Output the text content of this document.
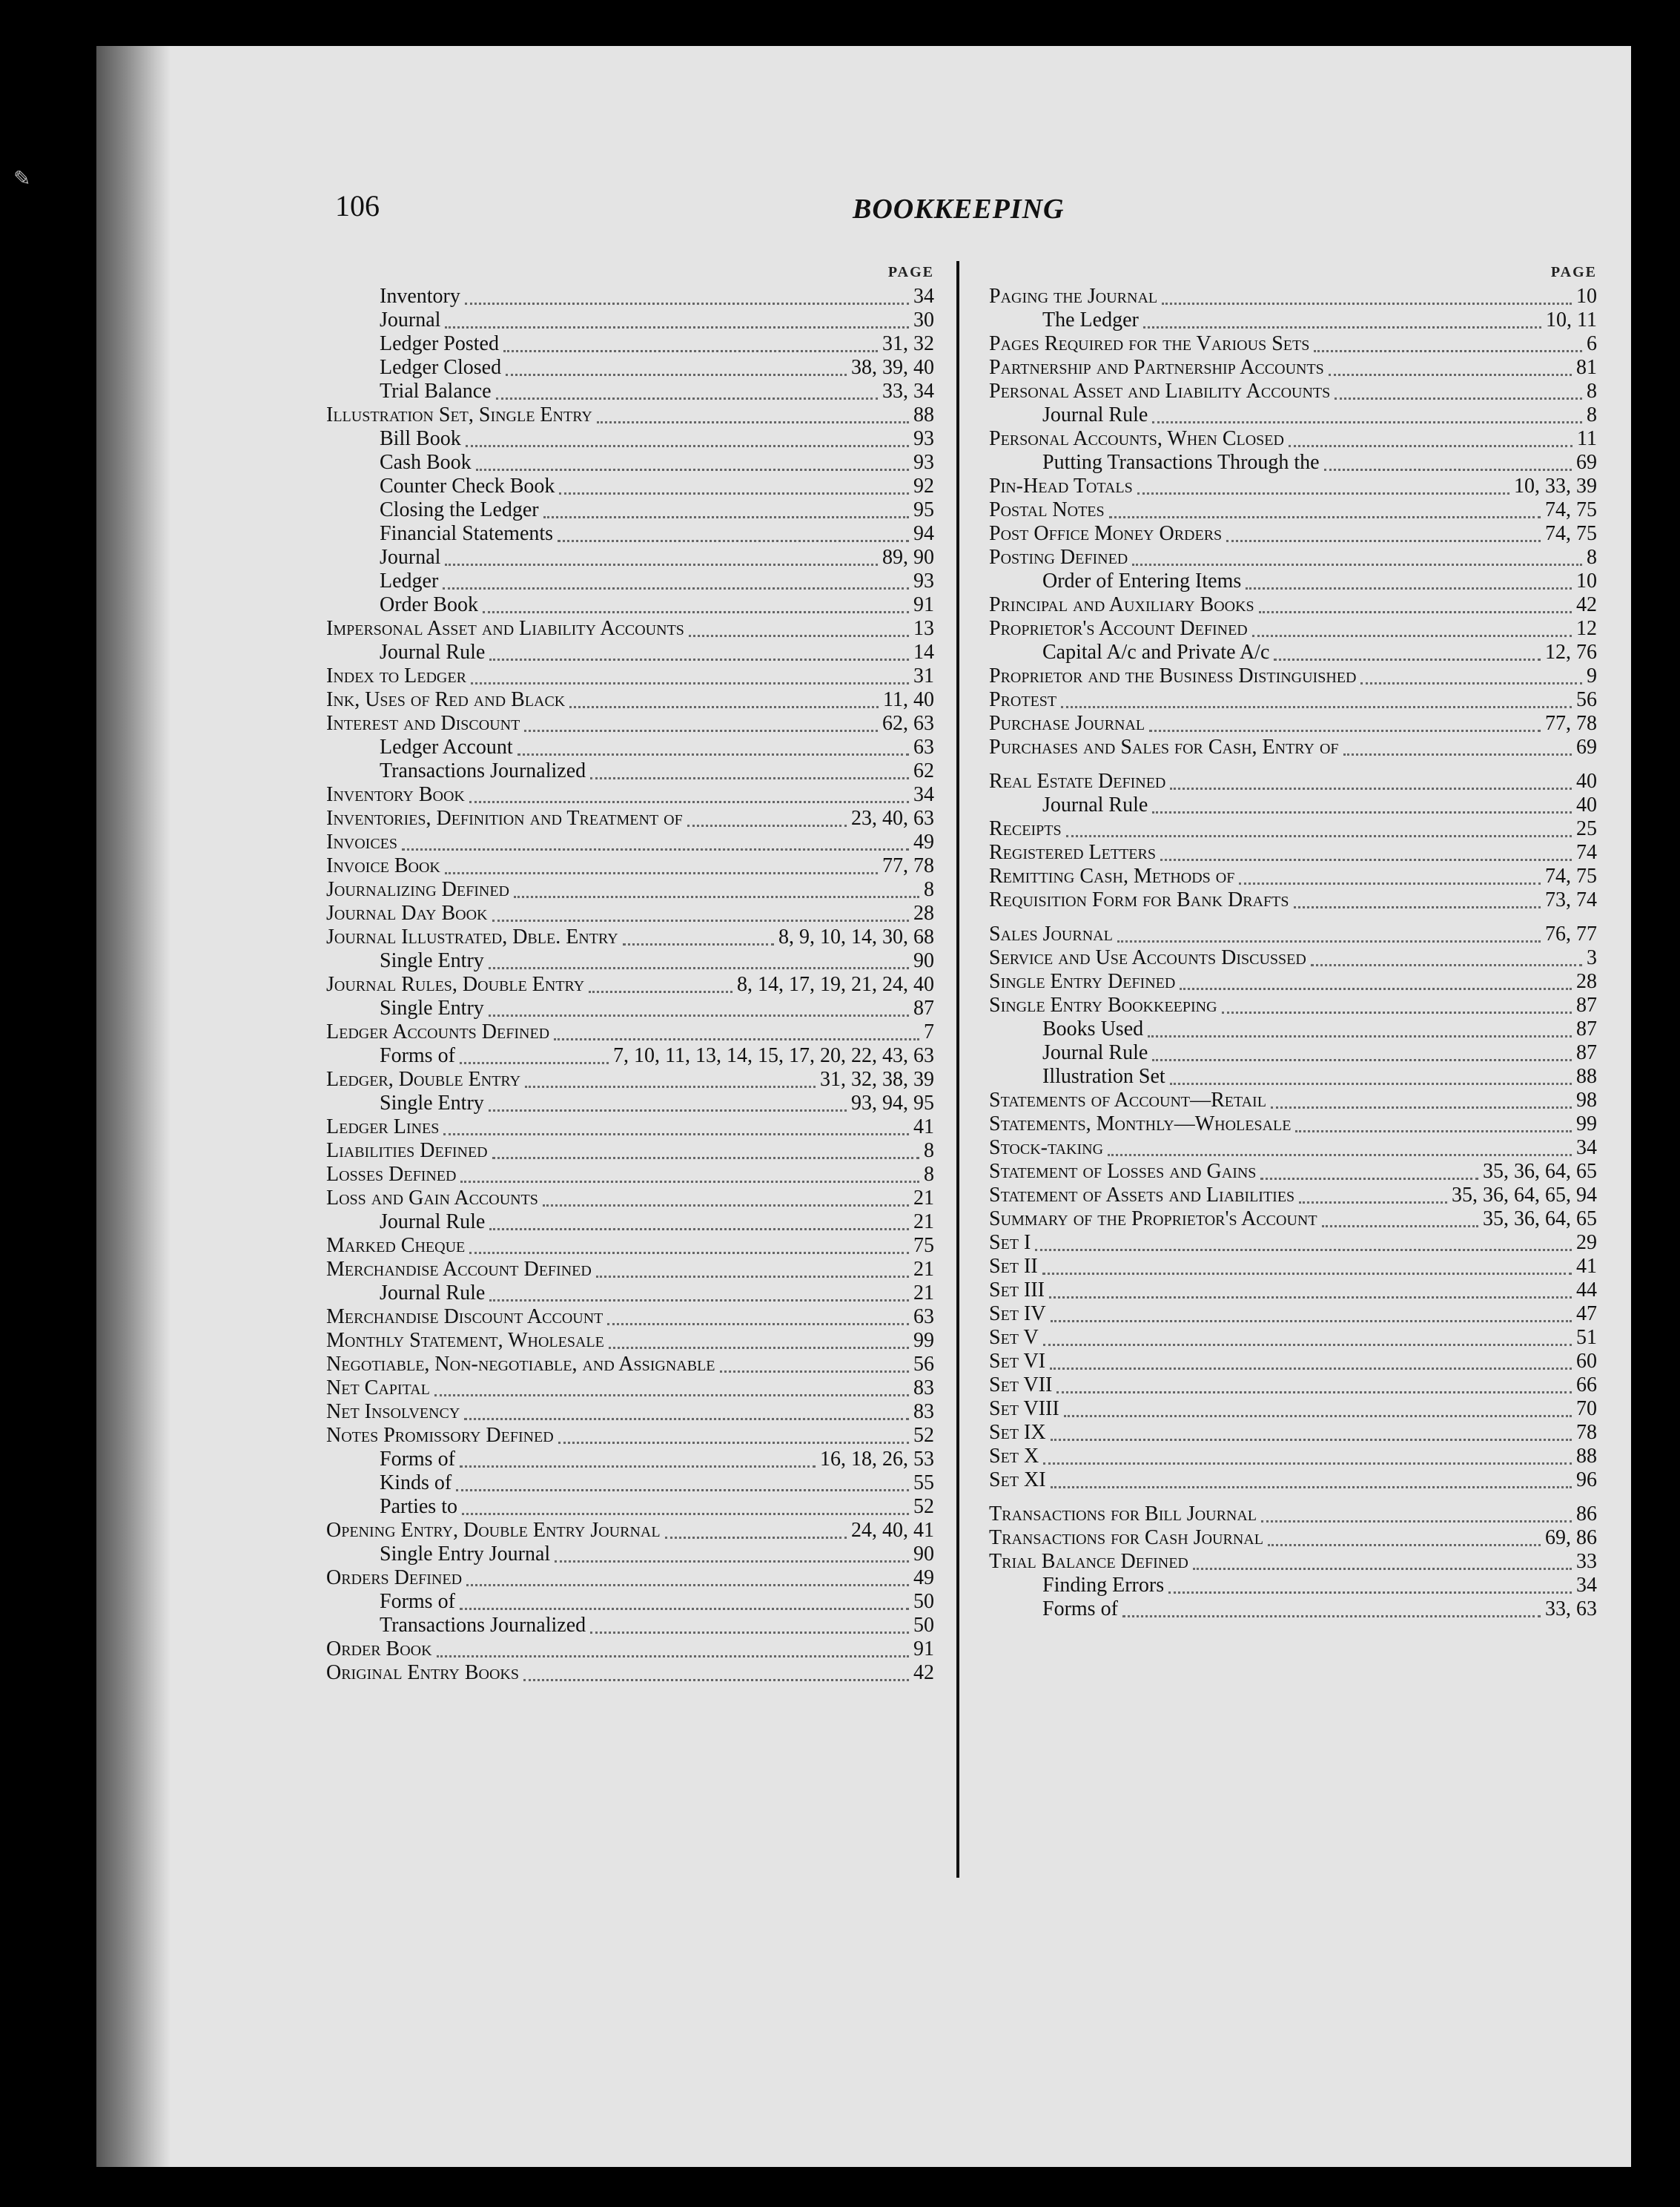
✎
106	BOOKKEEPING
PAGE
Inventory	34
Journal	30
Ledger Posted	31, 32
Ledger Closed	38, 39, 40
Trial Balance	33, 34
Illustration Set, Single Entry	88
Bill Book	93
Cash Book	93
Counter Check Book	92
Closing the Ledger	95
Financial Statements	94
Journal	89, 90
Ledger	93
Order Book	91
Impersonal Asset and Liability Accounts	13
Journal Rule	14
Index to Ledger	31
Ink, Uses of Red and Black	11, 40
Interest and Discount	62, 63
Ledger Account	63
Transactions Journalized	62
Inventory Book	34
Inventories, Definition and Treatment of	23, 40, 63
Invoices	49
Invoice Book	77, 78
Journalizing Defined	8
Journal Day Book	28
Journal Illustrated, Dble. Entry	8, 9, 10, 14, 30, 68
Single Entry	90
Journal Rules, Double Entry	8, 14, 17, 19, 21, 24, 40
Single Entry	87
Ledger Accounts Defined	7
Forms of	7, 10, 11, 13, 14, 15, 17, 20, 22, 43, 63
Ledger, Double Entry	31, 32, 38, 39
Single Entry	93, 94, 95
Ledger Lines	41
Liabilities Defined	8
Losses Defined	8
Loss and Gain Accounts	21
Journal Rule	21
Marked Cheque	75
Merchandise Account Defined	21
Journal Rule	21
Merchandise Discount Account	63
Monthly Statement, Wholesale	99
Negotiable, Non-negotiable, and Assignable	56
Net Capital	83
Net Insolvency	83
Notes Promissory Defined	52
Forms of	16, 18, 26, 53
Kinds of	55
Parties to	52
Opening Entry, Double Entry Journal	24, 40, 41
Single Entry Journal	90
Orders Defined	49
Forms of	50
Transactions Journalized	50
Order Book	91
Original Entry Books	42
PAGE
Paging the Journal	10
The Ledger	10, 11
Pages Required for the Various Sets	6
Partnership and Partnership Accounts	81
Personal Asset and Liability Accounts	8
Journal Rule	8
Personal Accounts, When Closed	11
Putting Transactions Through the	69
Pin-Head Totals	10, 33, 39
Postal Notes	74, 75
Post Office Money Orders	74, 75
Posting Defined	8
Order of Entering Items	10
Principal and Auxiliary Books	42
Proprietor's Account Defined	12
Capital A/c and Private A/c	12, 76
Proprietor and the Business Distinguished	9
Protest	56
Purchase Journal	77, 78
Purchases and Sales for Cash, Entry of	69
Real Estate Defined	40
Journal Rule	40
Receipts	25
Registered Letters	74
Remitting Cash, Methods of	74, 75
Requisition Form for Bank Drafts	73, 74
Sales Journal	76, 77
Service and Use Accounts Discussed	3
Single Entry Defined	28
Single Entry Bookkeeping	87
Books Used	87
Journal Rule	87
Illustration Set	88
Statements of Account—Retail	98
Statements, Monthly—Wholesale	99
Stock-taking	34
Statement of Losses and Gains	35, 36, 64, 65
Statement of Assets and Liabilities	35, 36, 64, 65, 94
Summary of the Proprietor's Account	35, 36, 64, 65
Set I	29
Set II	41
Set III	44
Set IV	47
Set V	51
Set VI	60
Set VII	66
Set VIII	70
Set IX	78
Set X	88
Set XI	96
Transactions for Bill Journal	86
Transactions for Cash Journal	69, 86
Trial Balance Defined	33
Finding Errors	34
Forms of	33, 63
